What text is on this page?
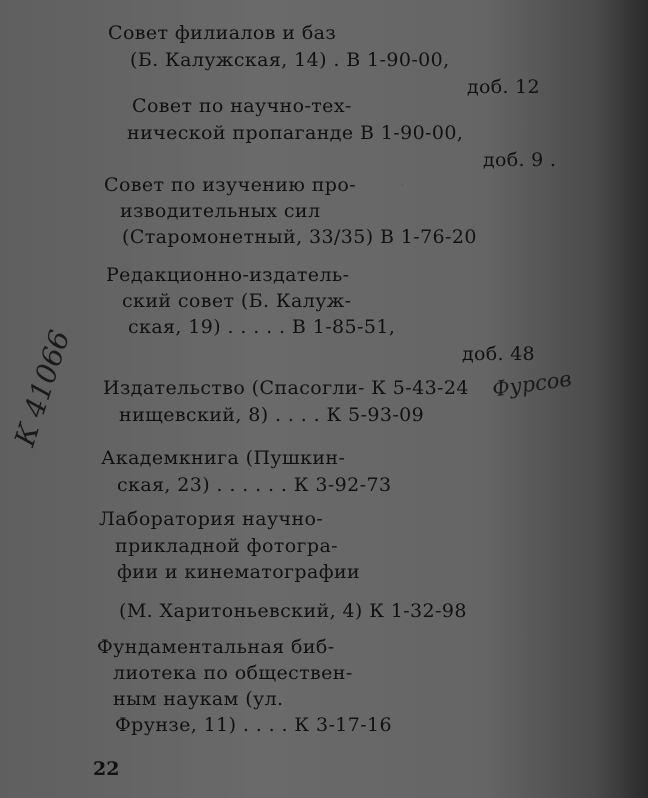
.
Совет филиалов и баз
(Б. Калужская, 14) . В 1-90-00,
доб. 12
Совет по научно-тех-
нической пропаганде В 1-90-00,
доб. 9 .
Совет по изучению про-
изводительных сил
(Старомонетный, 33/35) В 1-76-20
Редакционно-издатель-
ский совет (Б. Калуж-
ская, 19) . . . . . В 1-85-51,
доб. 48
Издательство (Спасогли- К 5-43-24
нищевский, 8) . . . . К 5-93-09
Академкнига (Пушкин-
ская, 23) . . . . . . К 3-92-73
Лаборатория научно-
прикладной фотогра-
фии и кинематографии
(М. Харитоньевский, 4) К 1-32-98
Фундаментальная биб-
лиотека по обществен-
ным наукам (ул.
Фрунзе, 11) . . . . К 3-17-16
22
К 41066	Фурсов
